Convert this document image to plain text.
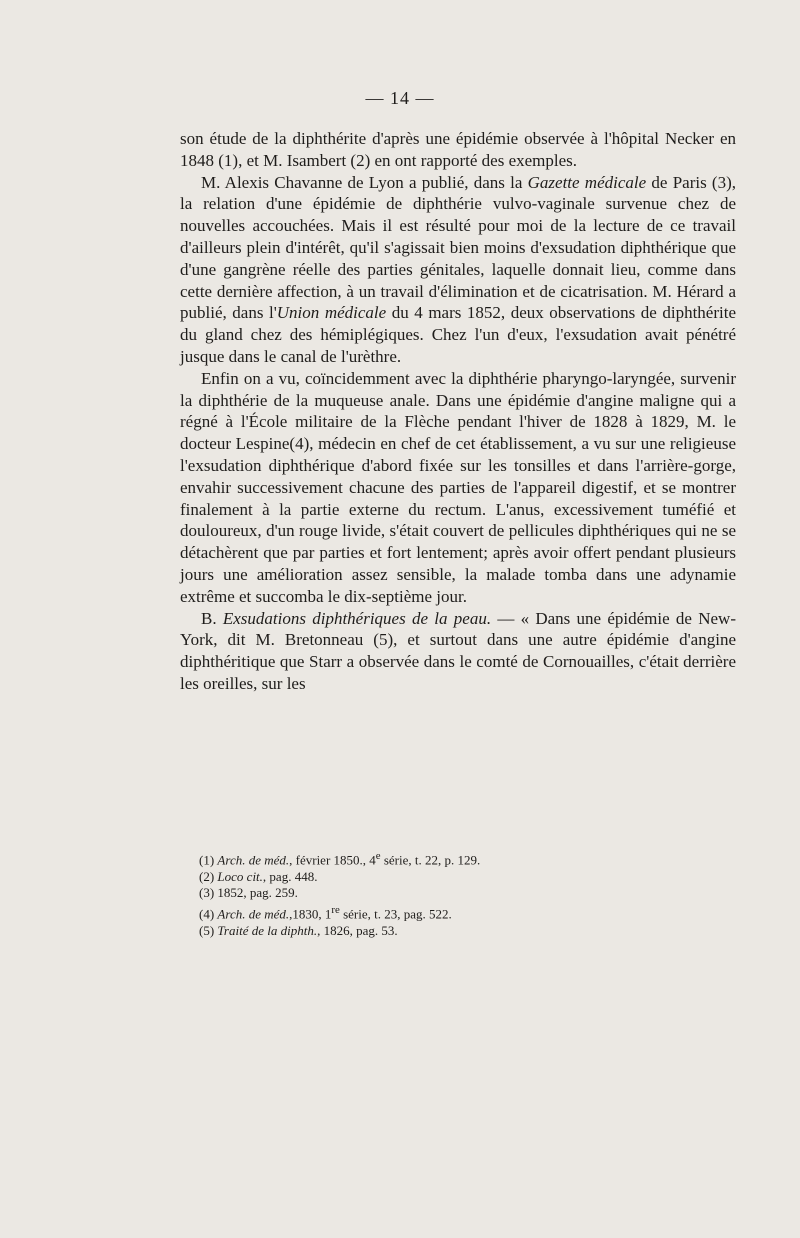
— 14 —

son étude de la diphthérite d'après une épidémie observée à l'hôpital Necker en 1848 (1), et M. Isambert (2) en ont rapporté des exemples.

M. Alexis Chavanne de Lyon a publié, dans la Gazette médicale de Paris (3), la relation d'une épidémie de diphthérie vulvo-vaginale survenue chez de nouvelles accouchées. Mais il est résulté pour moi de la lecture de ce travail d'ailleurs plein d'intérêt, qu'il s'agissait bien moins d'exsudation diphthérique que d'une gangrène réelle des parties génitales, laquelle donnait lieu, comme dans cette dernière affection, à un travail d'élimination et de cicatrisation. M. Hérard a publié, dans l'Union médicale du 4 mars 1852, deux observations de diphthérite du gland chez des hémiplégiques. Chez l'un d'eux, l'exsudation avait pénétré jusque dans le canal de l'urèthre.

Enfin on a vu, coïncidemment avec la diphthérie pharyngo-laryngée, survenir la diphthérie de la muqueuse anale. Dans une épidémie d'angine maligne qui a régné à l'École militaire de la Flèche pendant l'hiver de 1828 à 1829, M. le docteur Lespine(4), médecin en chef de cet établissement, a vu sur une religieuse l'exsudation diphthérique d'abord fixée sur les tonsilles et dans l'arrière-gorge, envahir successivement chacune des parties de l'appareil digestif, et se montrer finalement à la partie externe du rectum. L'anus, excessivement tuméfié et douloureux, d'un rouge livide, s'était couvert de pellicules diphthériques qui ne se détachèrent que par parties et fort lentement; après avoir offert pendant plusieurs jours une amélioration assez sensible, la malade tomba dans une adynamie extrême et succomba le dix-septième jour.

B. Exsudations diphthériques de la peau. — « Dans une épidémie de New-York, dit M. Bretonneau (5), et surtout dans une autre épidémie d'angine diphthéritique que Starr a observée dans le comté de Cornouailles, c'était derrière les oreilles, sur les

(1) Arch. de méd., février 1850., 4e série, t. 22, p. 129.

(2) Loco cit., pag. 448.

(3) 1852, pag. 259.

(4) Arch. de méd.,1830, 1re série, t. 23, pag. 522.

(5) Traité de la diphth., 1826, pag. 53.
